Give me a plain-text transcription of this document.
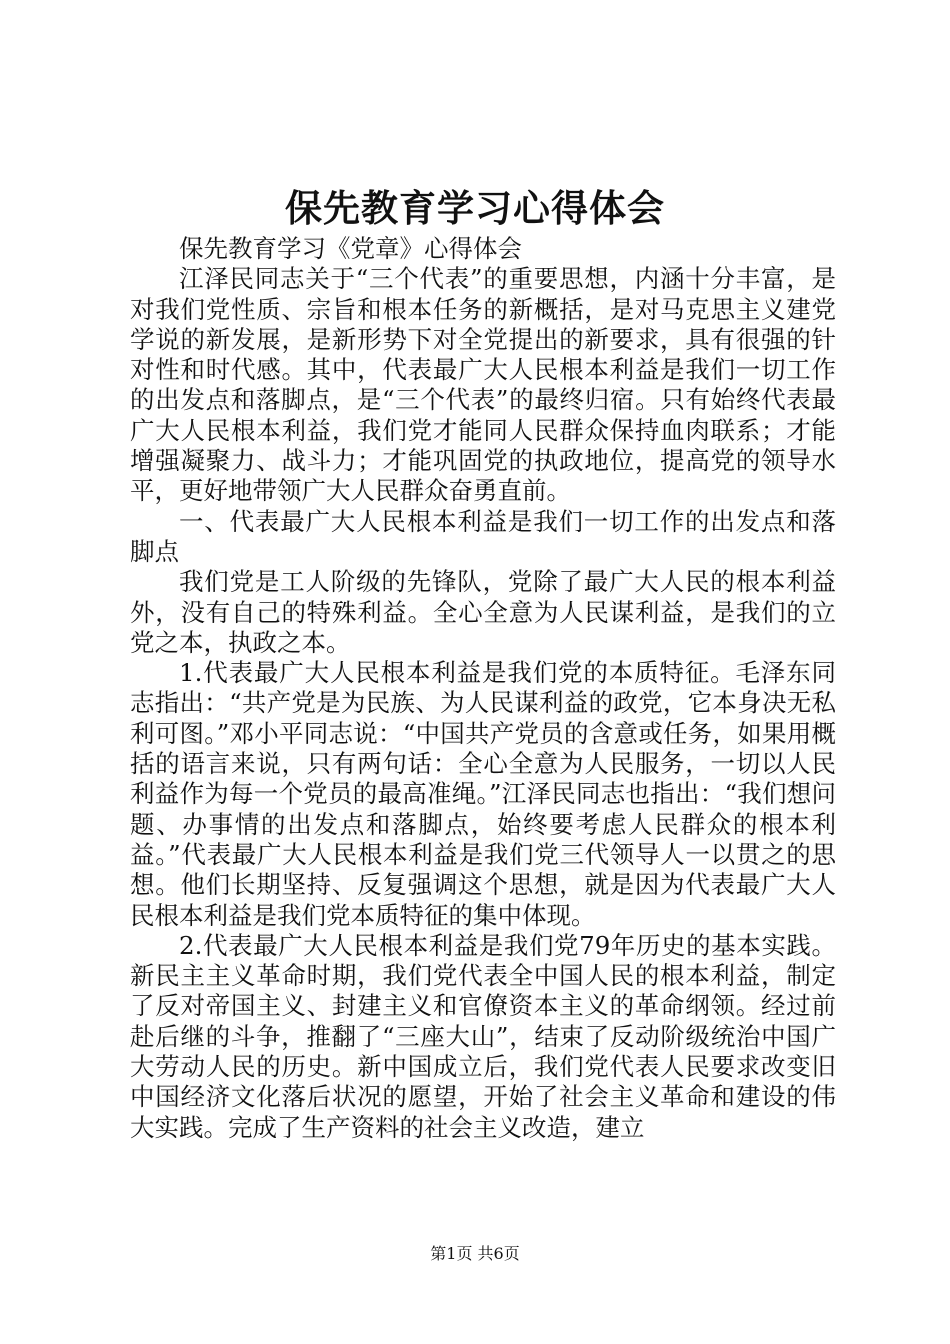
保先教育学习心得体会

保先教育学习《党章》心得体会

江泽民同志关于“三个代表”的重要思想，内涵十分丰富，是对我们党性质、宗旨和根本任务的新概括，是对马克思主义建党学说的新发展，是新形势下对全党提出的新要求，具有很强的针对性和时代感。其中，代表最广大人民根本利益是我们一切工作的出发点和落脚点，是“三个代表”的最终归宿。只有始终代表最广大人民根本利益，我们党才能同人民群众保持血肉联系；才能增强凝聚力、战斗力；才能巩固党的执政地位，提高党的领导水平，更好地带领广大人民群众奋勇直前。

一、代表最广大人民根本利益是我们一切工作的出发点和落脚点

我们党是工人阶级的先锋队，党除了最广大人民的根本利益外，没有自己的特殊利益。全心全意为人民谋利益，是我们的立党之本，执政之本。

1.代表最广大人民根本利益是我们党的本质特征。毛泽东同志指出：“共产党是为民族、为人民谋利益的政党，它本身决无私利可图。”邓小平同志说：“中国共产党员的含意或任务，如果用概括的语言来说，只有两句话：全心全意为人民服务，一切以人民利益作为每一个党员的最高准绳。”江泽民同志也指出：“我们想问题、办事情的出发点和落脚点，始终要考虑人民群众的根本利益。”代表最广大人民根本利益是我们党三代领导人一以贯之的思想。他们长期坚持、反复强调这个思想，就是因为代表最广大人民根本利益是我们党本质特征的集中体现。

2.代表最广大人民根本利益是我们党79年历史的基本实践。新民主主义革命时期，我们党代表全中国人民的根本利益，制定了反对帝国主义、封建主义和官僚资本主义的革命纲领。经过前赴后继的斗争，推翻了“三座大山”，结束了反动阶级统治中国广大劳动人民的历史。新中国成立后，我们党代表人民要求改变旧中国经济文化落后状况的愿望，开始了社会主义革命和建设的伟大实践。完成了生产资料的社会主义改造，建立

第1页 共6页
